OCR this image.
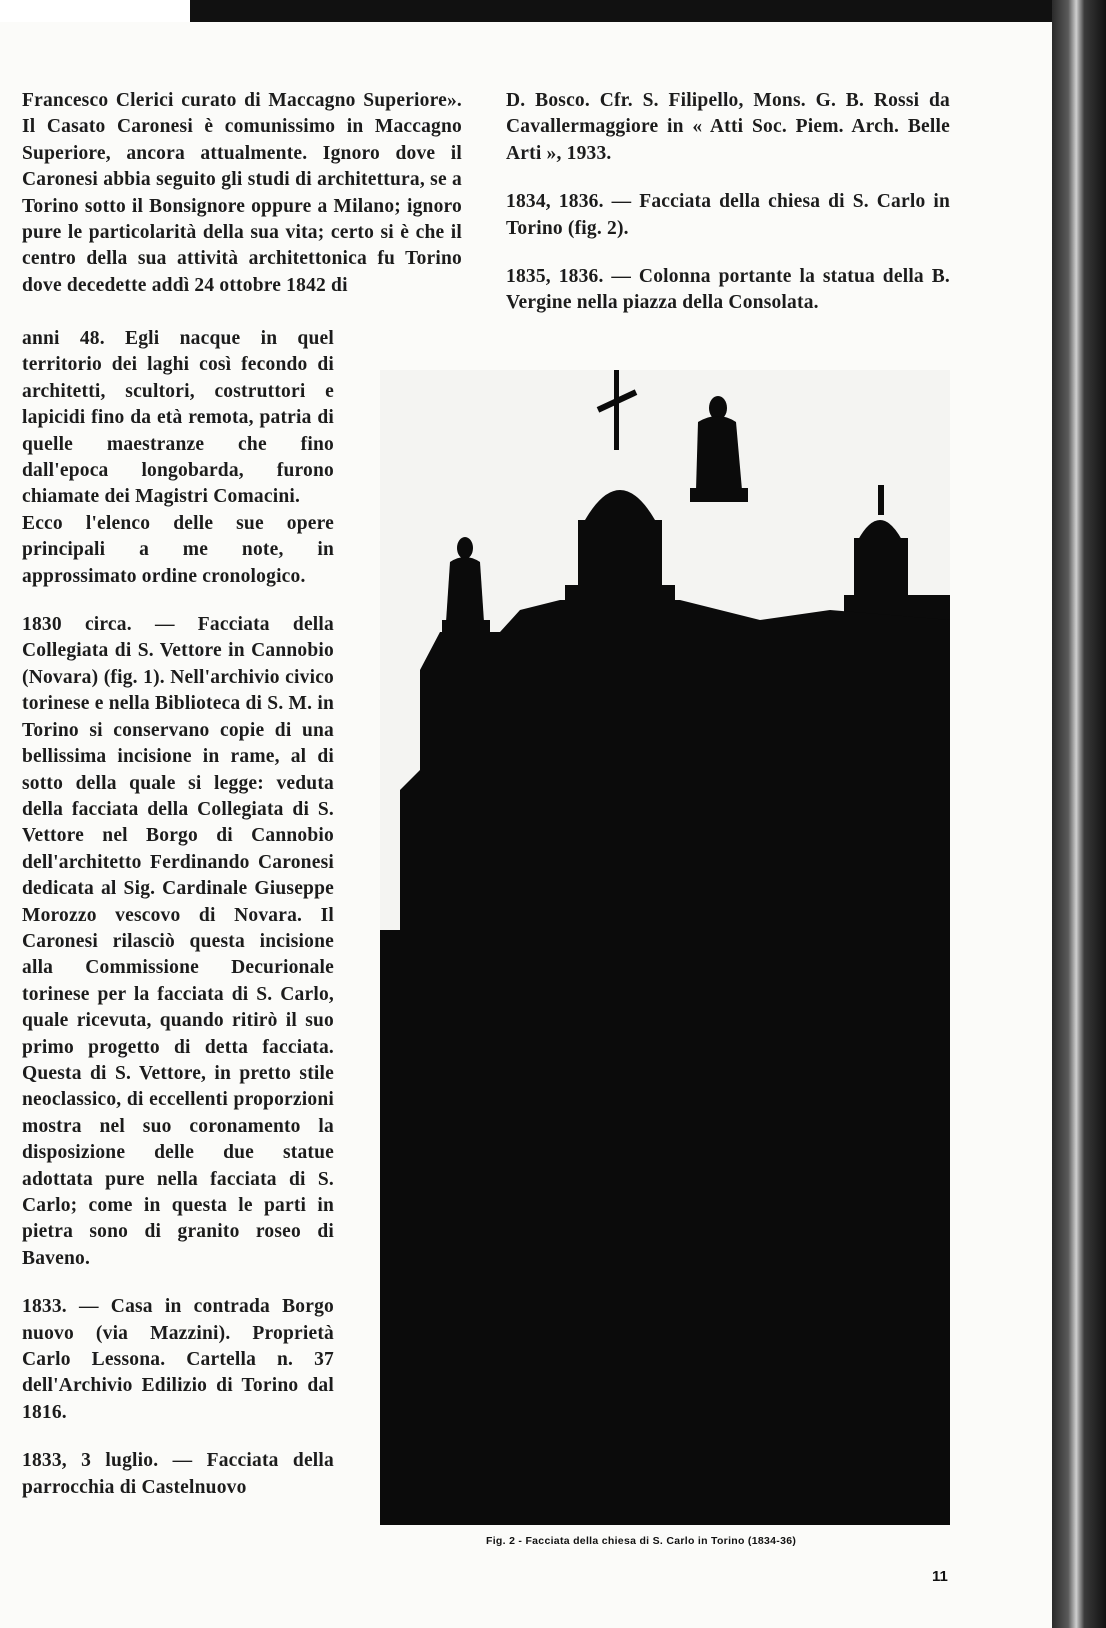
Francesco Clerici curato di Maccagno Superiore». Il Casato Caronesi è comunissimo in Maccagno Superiore, ancora attualmente. Ignoro dove il Caronesi abbia seguito gli studi di architettura, se a Torino sotto il Bonsignore oppure a Milano; ignoro pure le particolarità della sua vita; certo si è che il centro della sua attività architettonica fu Torino dove decedette addì 24 ottobre 1842 di

anni 48. Egli nacque in quel territorio dei laghi così fecondo di architetti, scultori, costruttori e lapicidi fino da età remota, patria di quelle maestranze che fino dall'epoca longobarda, furono chiamate dei Magistri Comacini.

Ecco l'elenco delle sue opere principali a me note, in approssimato ordine cronologico.

1830 circa. — Facciata della Collegiata di S. Vettore in Cannobio (Novara) (fig. 1). Nell'archivio civico torinese e nella Biblioteca di S. M. in Torino si conservano copie di una bellissima incisione in rame, al di sotto della quale si legge: veduta della facciata della Collegiata di S. Vettore nel Borgo di Cannobio dell'architetto Ferdinando Caronesi dedicata al Sig. Cardinale Giuseppe Morozzo vescovo di Novara. Il Caronesi rilasciò questa incisione alla Commissione Decurionale torinese per la facciata di S. Carlo, quale ricevuta, quando ritirò il suo primo progetto di detta facciata. Questa di S. Vettore, in pretto stile neoclassico, di eccellenti proporzioni mostra nel suo coronamento la disposizione delle due statue adottata pure nella facciata di S. Carlo; come in questa le parti in pietra sono di granito roseo di Baveno.

1833. — Casa in contrada Borgo nuovo (via Mazzini). Proprietà Carlo Lessona. Cartella n. 37 dell'Archivio Edilizio di Torino dal 1816.

1833, 3 luglio. — Facciata della parrocchia di Castelnuovo

D. Bosco. Cfr. S. Filipello, Mons. G. B. Rossi da Cavallermaggiore in « Atti Soc. Piem. Arch. Belle Arti », 1933.

1834, 1836. — Facciata della chiesa di S. Carlo in Torino (fig. 2).

1835, 1836. — Colonna portante la statua della B. Vergine nella piazza della Consolata.

Fig. 2 - Facciata della chiesa di S. Carlo in Torino (1834-36)
11
